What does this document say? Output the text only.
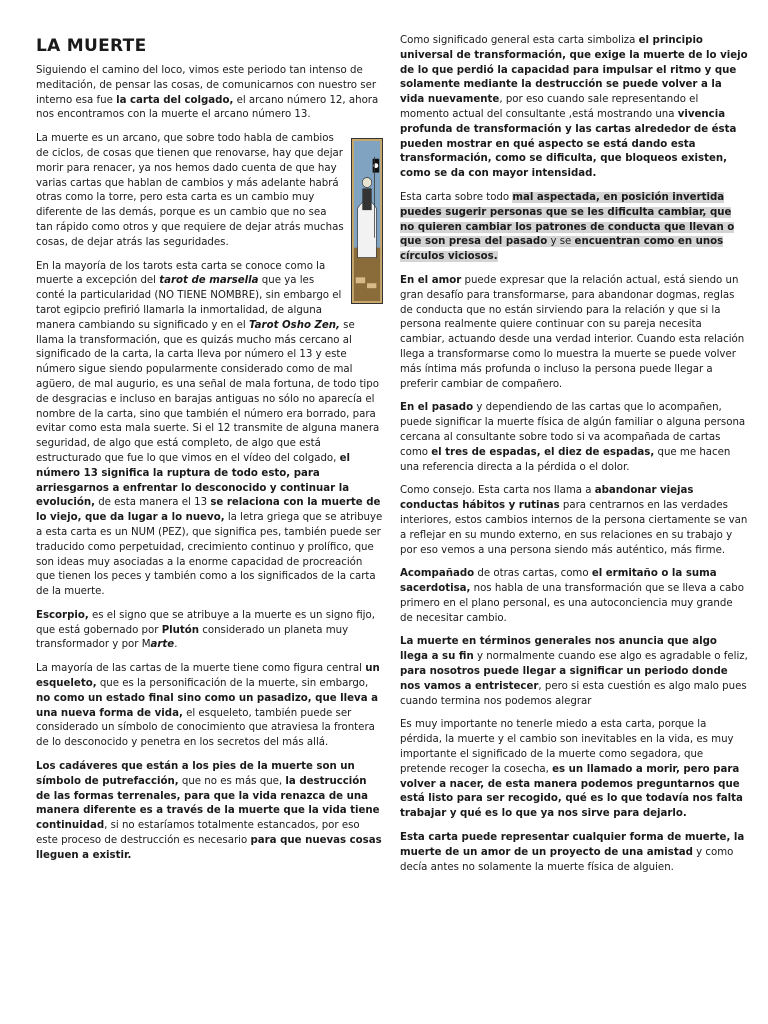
LA MUERTE

Siguiendo el camino del loco, vimos este periodo tan intenso de meditación, de pensar las cosas, de comunicarnos con nuestro ser interno esa fue la carta del colgado, el arcano número 12, ahora nos encontramos con la muerte el arcano número 13.

La muerte es un arcano, que sobre todo habla de cambios de ciclos, de cosas que tienen que renovarse, hay que dejar morir para renacer, ya nos hemos dado cuenta de que hay varias cartas que hablan de cambios y más adelante habrá otras como la torre, pero esta carta es un cambio muy diferente de las demás, porque es un cambio que no sea tan rápido como otros y que requiere de dejar atrás muchas cosas, de dejar atrás las seguridades.

En la mayoría de los tarots esta carta se conoce como la muerte a excepción del tarot de marsella que ya les conté la particularidad (NO TIENE NOMBRE), sin embargo el tarot egipcio prefirió llamarla la inmortalidad, de alguna manera cambiando su significado y en el Tarot Osho Zen, se llama la transformación, que es quizás mucho más cercano al significado de la carta, la carta lleva por número el 13 y este número sigue siendo popularmente considerado como de mal agüero, de mal augurio, es una señal de mala fortuna, de todo tipo de desgracias e incluso en barajas antiguas no sólo no aparecía el nombre de la carta, sino que también el número era borrado, para evitar como esta mala suerte. Si el 12 transmite de alguna manera seguridad, de algo que está completo, de algo que está estructurado que fue lo que vimos en el vídeo del colgado, el número 13 significa la ruptura de todo esto, para arriesgarnos a enfrentar lo desconocido y continuar la evolución, de esta manera el 13 se relaciona con la muerte de lo viejo, que da lugar a lo nuevo, la letra griega que se atribuye a esta carta es un NUM (PEZ), que significa pes, también puede ser traducido como perpetuidad, crecimiento continuo y prolífico, que son ideas muy asociadas a la enorme capacidad de procreación que tienen los peces y también como a los significados de la carta de la muerte.

Escorpio, es el signo que se atribuye a la muerte es un signo fijo, que está gobernado por Plutón considerado un planeta muy transformador y por Marte.

La mayoría de las cartas de la muerte tiene como figura central un esqueleto, que es la personificación de la muerte, sin embargo, no como un estado final sino como un pasadizo, que lleva a una nueva forma de vida, el esqueleto, también puede ser considerado un símbolo de conocimiento que atraviesa la frontera de lo desconocido y penetra en los secretos del más allá.

Los cadáveres que están a los pies de la muerte son un símbolo de putrefacción, que no es más que, la destrucción de las formas terrenales, para que la vida renazca de una manera diferente es a través de la muerte que la vida tiene continuidad, si no estaríamos totalmente estancados, por eso este proceso de destrucción es necesario para que nuevas cosas lleguen a existir.

Como significado general esta carta simboliza el principio universal de transformación, que exige la muerte de lo viejo de lo que perdió la capacidad para impulsar el ritmo y que solamente mediante la destrucción se puede volver a la vida nuevamente, por eso cuando sale representando el momento actual del consultante ,está mostrando una vivencia profunda de transformación y las cartas alrededor de ésta pueden mostrar en qué aspecto se está dando esta transformación, como se dificulta, que bloqueos existen, como se da con mayor intensidad.

Esta carta sobre todo mal aspectada, en posición invertida puedes sugerir personas que se les dificulta cambiar, que no quieren cambiar los patrones de conducta que llevan o que son presa del pasado y se encuentran como en unos círculos viciosos.

En el amor puede expresar que la relación actual, está siendo un gran desafío para transformarse, para abandonar dogmas, reglas de conducta que no están sirviendo para la relación y que si la persona realmente quiere continuar con su pareja necesita cambiar, actuando desde una verdad interior. Cuando esta relación llega a transformarse como lo muestra la muerte se puede volver más íntima más profunda o incluso la persona puede llegar a preferir cambiar de compañero.

En el pasado y dependiendo de las cartas que lo acompañen, puede significar la muerte física de algún familiar o alguna persona cercana al consultante sobre todo si va acompañada de cartas como el tres de espadas, el diez de espadas, que me hacen una referencia directa a la pérdida o el dolor.

Como consejo. Esta carta nos llama a abandonar viejas conductas hábitos y rutinas para centrarnos en las verdades interiores, estos cambios internos de la persona ciertamente se van a reflejar en su mundo externo, en sus relaciones en su trabajo y por eso vemos a una persona siendo más auténtico, más firme.

Acompañado de otras cartas, como el ermitaño o la suma sacerdotisa, nos habla de una transformación que se lleva a cabo primero en el plano personal, es una autoconciencia muy grande de necesitar cambio.

La muerte en términos generales nos anuncia que algo llega a su fin y normalmente cuando ese algo es agradable o feliz, para nosotros puede llegar a significar un periodo donde nos vamos a entristecer, pero si esta cuestión es algo malo pues cuando termina nos podemos alegrar

Es muy importante no tenerle miedo a esta carta, porque la pérdida, la muerte y el cambio son inevitables en la vida, es muy importante el significado de la muerte como segadora, que pretende recoger la cosecha, es un llamado a morir, pero para volver a nacer, de esta manera podemos preguntarnos que está listo para ser recogido, qué es lo que todavía nos falta trabajar y qué es lo que ya nos sirve para dejarlo.

Esta carta puede representar cualquier forma de muerte, la muerte de un amor de un proyecto de una amistad y como decía antes no solamente la muerte física de alguien.
